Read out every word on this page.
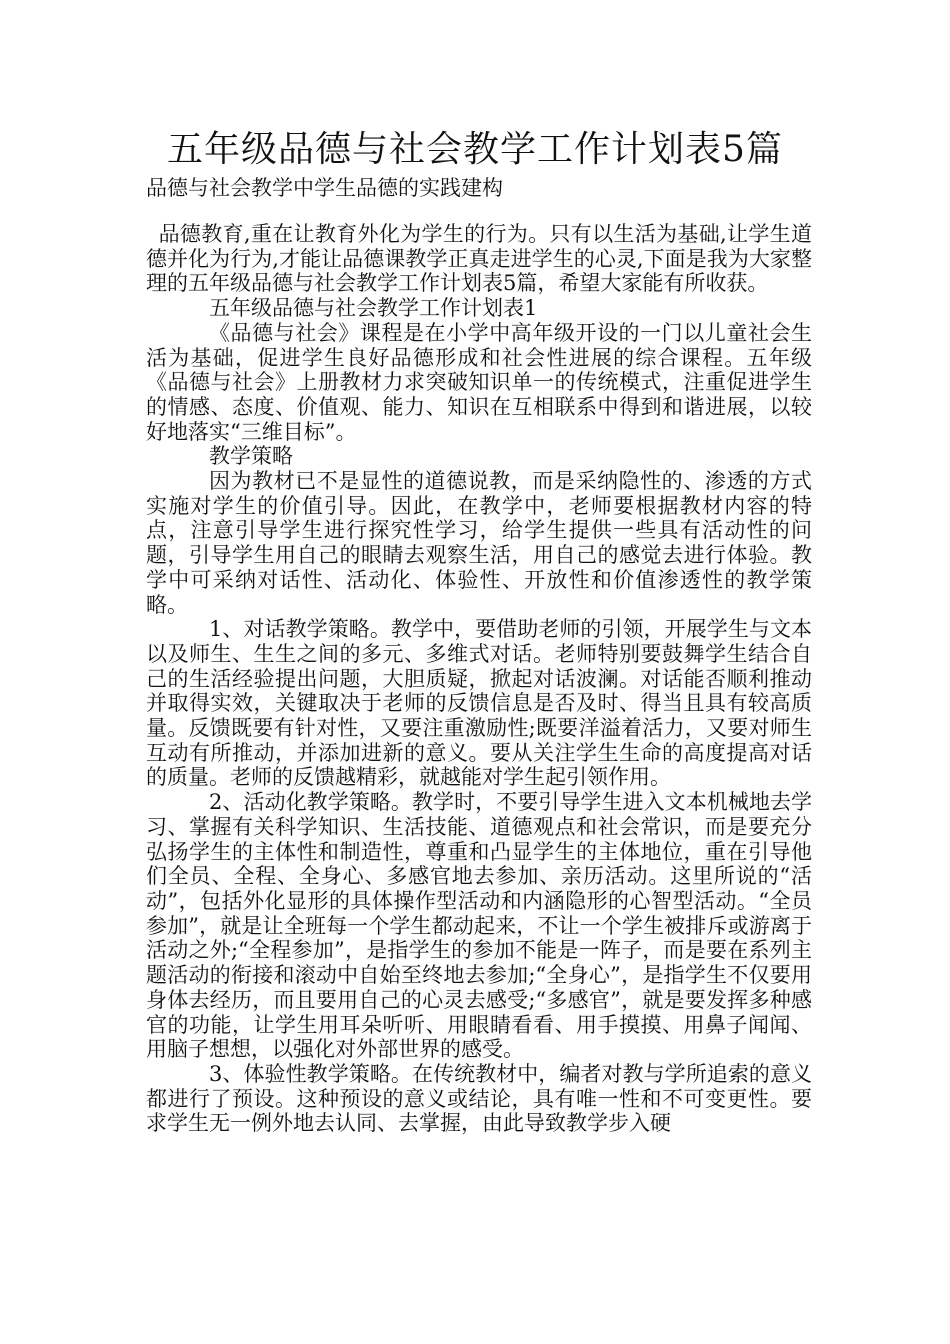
五年级品德与社会教学工作计划表5篇
品德与社会教学中学生品德的实践建构

品德教育,重在让教育外化为学生的行为。只有以生活为基础,让学生道德并化为行为,才能让品德课教学正真走进学生的心灵,下面是我为大家整理的五年级品德与社会教学工作计划表5篇，希望大家能有所收获。

五年级品德与社会教学工作计划表1

《品德与社会》课程是在小学中高年级开设的一门以儿童社会生活为基础，促进学生良好品德形成和社会性进展的综合课程。五年级《品德与社会》上册教材力求突破知识单一的传统模式，注重促进学生的情感、态度、价值观、能力、知识在互相联系中得到和谐进展，以较好地落实“三维目标”。

教学策略

因为教材已不是显性的道德说教，而是采纳隐性的、渗透的方式实施对学生的价值引导。因此，在教学中，老师要根据教材内容的特点，注意引导学生进行探究性学习，给学生提供一些具有活动性的问题，引导学生用自己的眼睛去观察生活，用自己的感觉去进行体验。教学中可采纳对话性、活动化、体验性、开放性和价值渗透性的教学策略。

1、对话教学策略。教学中，要借助老师的引领，开展学生与文本以及师生、生生之间的多元、多维式对话。老师特别要鼓舞学生结合自己的生活经验提出问题，大胆质疑，掀起对话波澜。对话能否顺利推动并取得实效，关键取决于老师的反馈信息是否及时、得当且具有较高质量。反馈既要有针对性，又要注重激励性;既要洋溢着活力，又要对师生互动有所推动，并添加进新的意义。要从关注学生生命的高度提高对话的质量。老师的反馈越精彩，就越能对学生起引领作用。

2、活动化教学策略。教学时，不要引导学生进入文本机械地去学习、掌握有关科学知识、生活技能、道德观点和社会常识，而是要充分弘扬学生的主体性和制造性，尊重和凸显学生的主体地位，重在引导他们全员、全程、全身心、多感官地去参加、亲历活动。这里所说的“活动”，包括外化显形的具体操作型活动和内涵隐形的心智型活动。“全员参加”，就是让全班每一个学生都动起来，不让一个学生被排斥或游离于活动之外;“全程参加”，是指学生的参加不能是一阵子，而是要在系列主题活动的衔接和滚动中自始至终地去参加;“全身心”，是指学生不仅要用身体去经历，而且要用自己的心灵去感受;“多感官”，就是要发挥多种感官的功能，让学生用耳朵听听、用眼睛看看、用手摸摸、用鼻子闻闻、用脑子想想，以强化对外部世界的感受。

3、体验性教学策略。在传统教材中，编者对教与学所追索的意义都进行了预设。这种预设的意义或结论，具有唯一性和不可变更性。要求学生无一例外地去认同、去掌握，由此导致教学步入硬
